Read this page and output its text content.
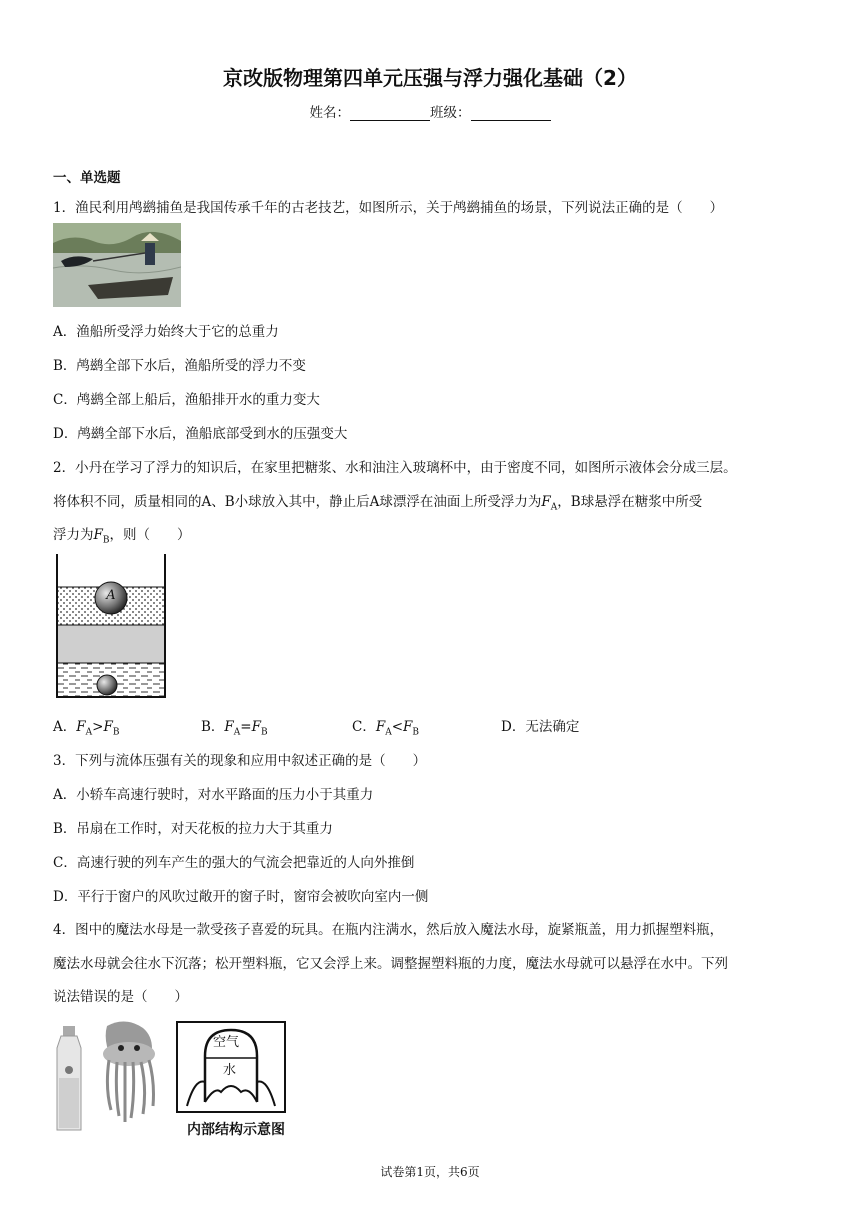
京改版物理第四单元压强与浮力强化基础（2）
姓名：	班级：
一、单选题
1．渔民利用鸬鹚捕鱼是我国传承千年的古老技艺，如图所示，关于鸬鹚捕鱼的场景，下列说法正确的是（　　）
A．渔船所受浮力始终大于它的总重力
B．鸬鹚全部下水后，渔船所受的浮力不变
C．鸬鹚全部上船后，渔船排开水的重力变大
D．鸬鹚全部下水后，渔船底部受到水的压强变大
2．小丹在学习了浮力的知识后，在家里把糖浆、水和油注入玻璃杯中，由于密度不同，如图所示液体会分成三层。
将体积不同，质量相同的A、B小球放入其中，静止后A球漂浮在油面上所受浮力为$F_A$，B球悬浮在糖浆中所受
浮力为$F_B$，则（　　）
A
A．$F_A>F_B$	B．$F_A=F_B$	C．$F_A<F_B$	D．无法确定
3．下列与流体压强有关的现象和应用中叙述正确的是（　　）
A．小轿车高速行驶时，对水平路面的压力小于其重力
B．吊扇在工作时，对天花板的拉力大于其重力
C．高速行驶的列车产生的强大的气流会把靠近的人向外推倒
D．平行于窗户的风吹过敞开的窗子时，窗帘会被吹向室内一侧
4．图中的魔法水母是一款受孩子喜爱的玩具。在瓶内注满水，然后放入魔法水母，旋紧瓶盖，用力抓握塑料瓶，
魔法水母就会往水下沉落；松开塑料瓶，它又会浮上来。调整握塑料瓶的力度，魔法水母就可以悬浮在水中。下列
说法错误的是（　　）
空气
水
内部结构示意图
试卷第1页，共6页
